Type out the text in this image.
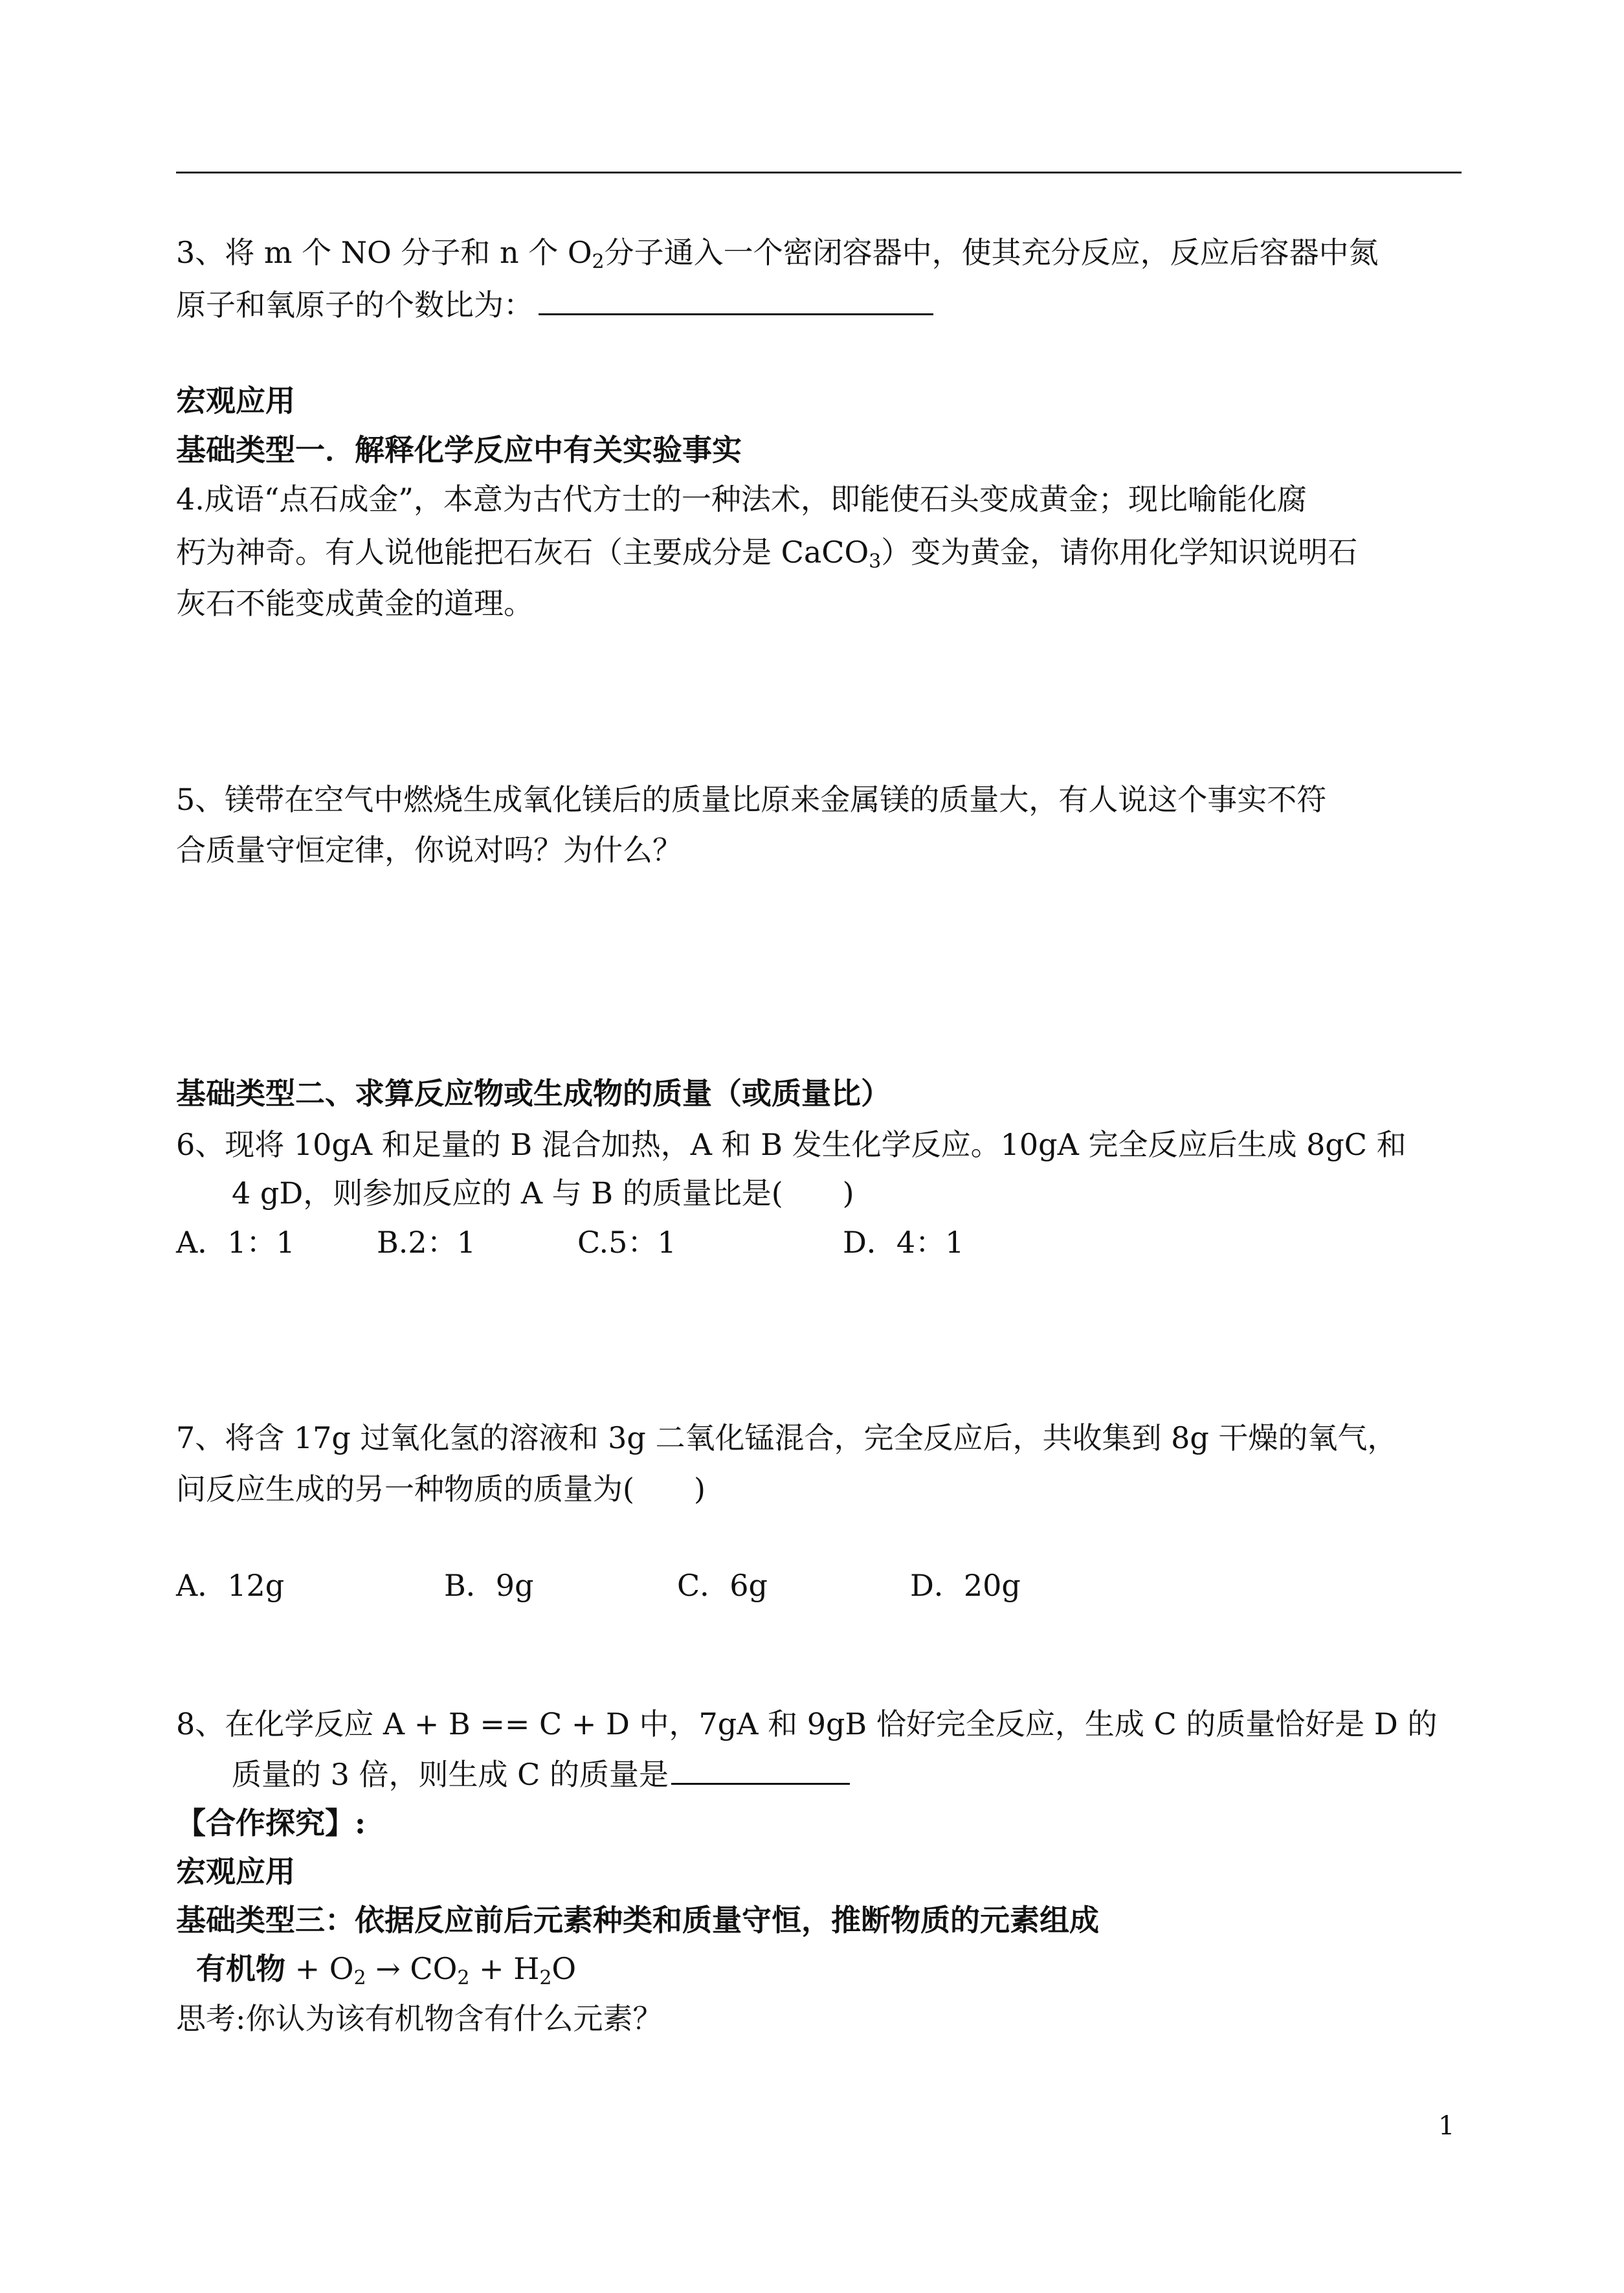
3、将 m 个 NO 分子和 n 个 $O_2$分子通入一个密闭容器中，使其充分反应，反应后容器中氮
原子和氧原子的个数比为：
宏观应用
基础类型一．解释化学反应中有关实验事实
4.成语“点石成金”，本意为古代方士的一种法术，即能使石头变成黄金；现比喻能化腐
朽为神奇。有人说他能把石灰石（主要成分是 CaCO$_3$）变为黄金，请你用化学知识说明石
灰石不能变成黄金的道理。
5、镁带在空气中燃烧生成氧化镁后的质量比原来金属镁的质量大，有人说这个事实不符
合质量守恒定律，你说对吗？为什么？
基础类型二、求算反应物或生成物的质量（或质量比）
6、现将 10gA 和足量的 B 混合加热，A 和 B 发生化学反应。10gA 完全反应后生成 8gC 和
4 gD，则参加反应的 A 与 B 的质量比是(　　)
A．1：1	B.2：1	C.5：1	D．4：1
7、将含 17g 过氧化氢的溶液和 3g 二氧化锰混合，完全反应后，共收集到 8g 干燥的氧气，
问反应生成的另一种物质的质量为(　　)
A．12g	B．9g	C．6g	D．20g
8、在化学反应 A + B == C + D 中，7gA 和 9gB 恰好完全反应，生成 C 的质量恰好是 D 的
质量的 3 倍，则生成 C 的质量是
【合作探究】:
宏观应用
基础类型三：依据反应前后元素种类和质量守恒，推断物质的元素组成
有机物 + $O_2 \to CO_2 + H_2O$
思考:你认为该有机物含有什么元素？
1
